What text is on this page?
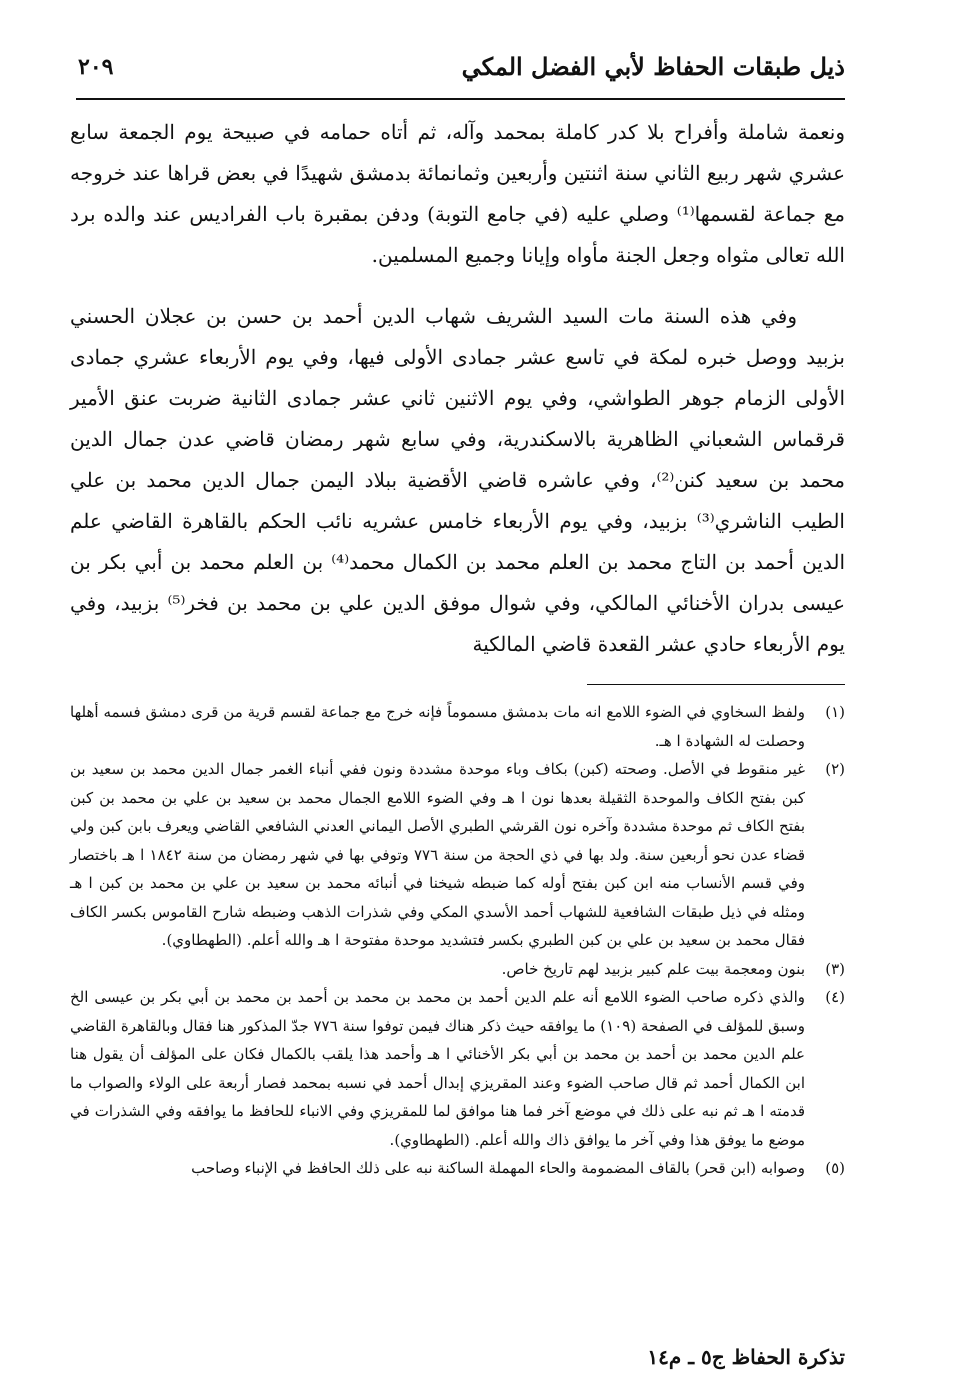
ذيل طبقات الحفاظ لأبي الفضل المكي
٢٠٩

ونعمة شاملة وأفراح بلا كدر كاملة بمحمد وآله، ثم أتاه حمامه في صبيحة يوم الجمعة سابع عشري شهر ربيع الثاني سنة اثنتين وأربعين وثمانمائة بدمشق شهيدًا في بعض قراها عند خروجه مع جماعة لقسمها⁽¹⁾ وصلي عليه (في جامع التوبة) ودفن بمقبرة باب الفراديس عند والده برد الله تعالى مثواه وجعل الجنة مأواه وإيانا وجميع المسلمين.

وفي هذه السنة مات السيد الشريف شهاب الدين أحمد بن حسن بن عجلان الحسني بزبيد ووصل خبره لمكة في تاسع عشر جمادى الأولى فيها، وفي يوم الأربعاء عشري جمادى الأولى الزمام جوهر الطواشي، وفي يوم الاثنين ثاني عشر جمادى الثانية ضربت عنق الأمير قرقماس الشعباني الظاهرية بالاسكندرية، وفي سابع شهر رمضان قاضي عدن جمال الدين محمد بن سعيد كنن⁽²⁾، وفي عاشره قاضي الأقضية ببلاد اليمن جمال الدين محمد بن علي الطيب الناشري⁽³⁾ بزبيد، وفي يوم الأربعاء خامس عشريه نائب الحكم بالقاهرة القاضي علم الدين أحمد بن التاج محمد بن العلم محمد بن الكمال محمد⁽⁴⁾ بن العلم محمد بن أبي بكر بن عيسى بدران الأخنائي المالكي، وفي شوال موفق الدين علي بن محمد بن فخر⁽⁵⁾ بزبيد، وفي يوم الأربعاء حادي عشر القعدة قاضي المالكية

(١)
ولفظ السخاوي في الضوء اللامع انه مات بدمشق مسموماً فإنه خرج مع جماعة لقسم قرية من قرى دمشق فسمه أهلها وحصلت له الشهادة ا هـ.
(٢)
غير منقوط في الأصل. وصحته (كبن) بكاف وباء موحدة مشددة ونون ففي أنباء الغمر جمال الدين محمد بن سعيد بن كبن بفتح الكاف والموحدة الثقيلة بعدها نون ا هـ وفي الضوء اللامع الجمال محمد بن سعيد بن علي بن محمد بن كبن بفتح الكاف ثم موحدة مشددة وآخره نون القرشي الطبري الأصل اليماني العدني الشافعي القاضي ويعرف بابن كبن ولي قضاء عدن نحو أربعين سنة. ولد بها في ذي الحجة من سنة ٧٧٦ وتوفي بها في شهر رمضان من سنة ١٨٤٢ ا هـ باختصار وفي قسم الأنساب منه ابن كبن بفتح أوله كما ضبطه شيخنا في أنبائه محمد بن سعيد بن علي بن محمد بن كبن ا هـ ومثله في ذيل طبقات الشافعية للشهاب أحمد الأسدي المكي وفي شذرات الذهب وضبطه شارح القاموس بكسر الكاف فقال محمد بن سعيد بن علي بن كبن الطبري بكسر فتشديد موحدة مفتوحة ا هـ والله أعلم. (الطهطاوي).
(٣)
بنون ومعجمة بيت علم كبير بزبيد لهم تاريخ خاص.
(٤)
والذي ذكره صاحب الضوء اللامع أنه علم الدين أحمد بن محمد بن محمد بن أحمد بن محمد بن أبي بكر بن عيسى الخ وسبق للمؤلف في الصفحة (١٠٩) ما يوافقه حيث ذكر هناك فيمن توفوا سنة ٧٧٦ جدّ المذكور هنا فقال وبالقاهرة القاضي علم الدين محمد بن أحمد بن محمد بن أبي بكر الأخنائي ا هـ وأحمد هذا يلقب بالكمال فكان على المؤلف أن يقول هنا ابن الكمال أحمد ثم قال صاحب الضوء وعند المقريزي إبدال أحمد في نسبه بمحمد فصار أربعة على الولاء والصواب ما قدمته ا هـ ثم نبه على ذلك في موضع آخر فما هنا موافق لما للمقريزي وفي الانباء للحافظ ما يوافقه وفي الشذرات في موضع ما يوفق هذا وفي آخر ما يوافق ذاك والله أعلم. (الطهطاوي).
(٥)
وصوابه (ابن قحر) بالقاف المضمومة والحاء المهملة الساكنة نبه على ذلك الحافظ في الإنباء وصاحب
تذكرة الحفاظ ج٥ ـ م١٤
